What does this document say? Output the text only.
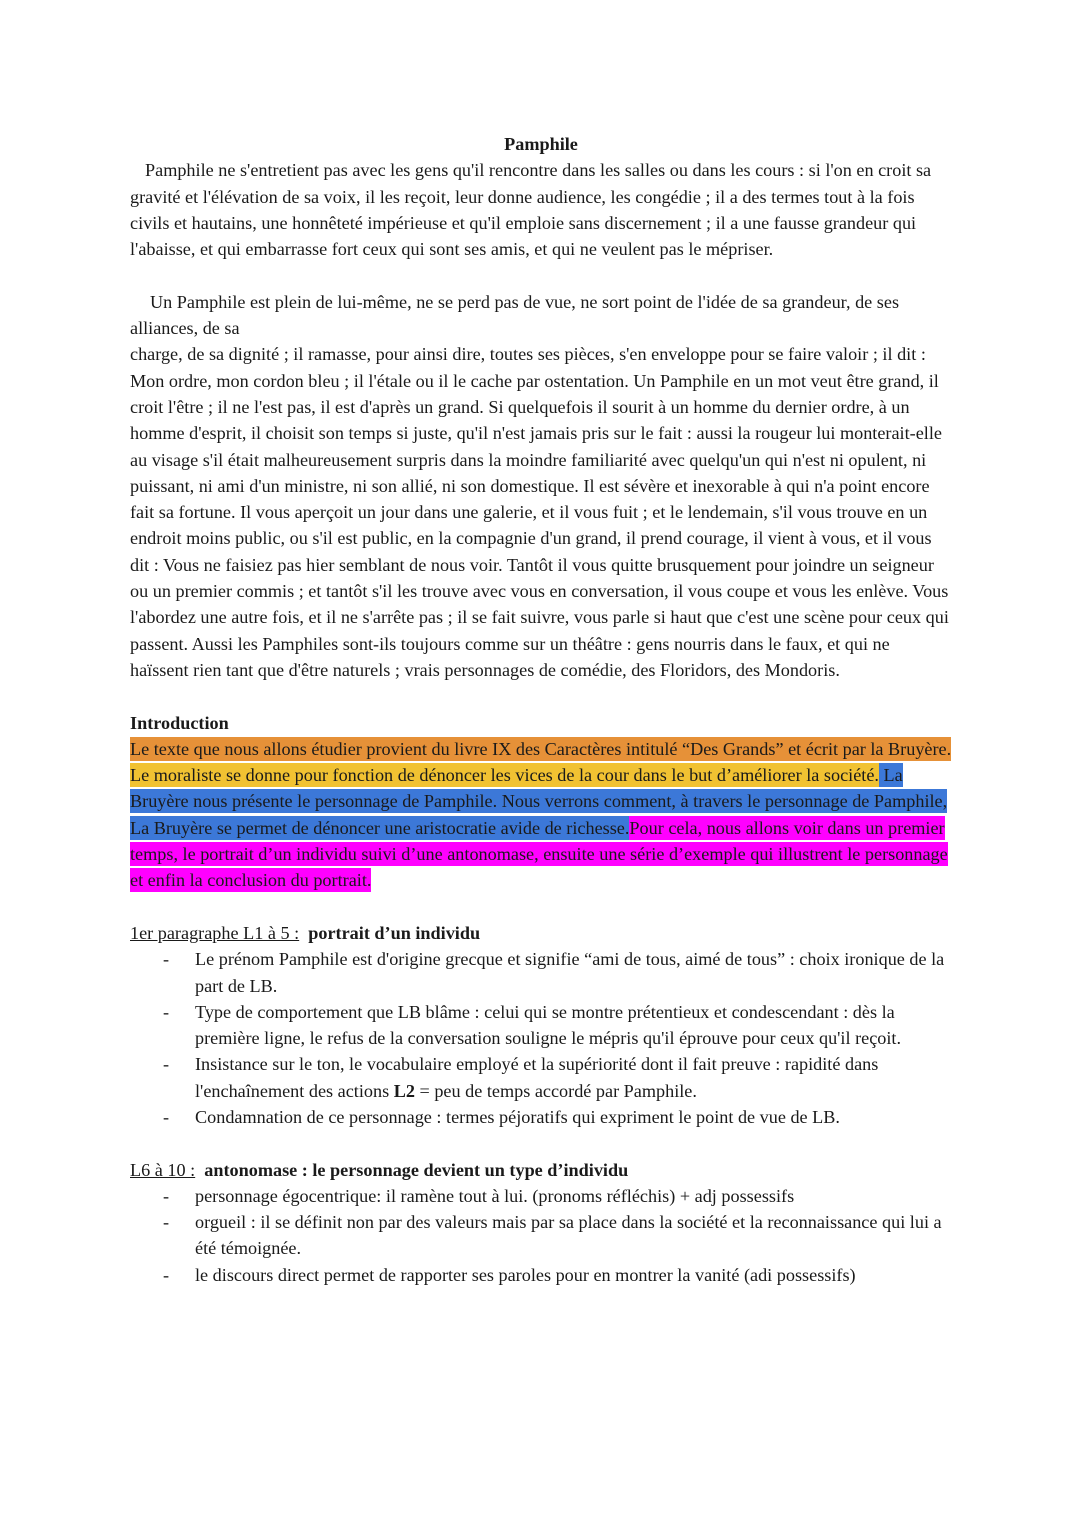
Pamphile

Pamphile ne s'entretient pas avec les gens qu'il rencontre dans les salles ou dans les cours : si l'on en croit sa gravité et l'élévation de sa voix, il les reçoit, leur donne audience, les congédie ; il a des termes tout à la fois civils et hautains, une honnêteté impérieuse et qu'il emploie sans discernement ; il a une fausse grandeur qui l'abaisse, et qui embarrasse fort ceux qui sont ses amis, et qui ne veulent pas le mépriser.

Un Pamphile est plein de lui-même, ne se perd pas de vue, ne sort point de l'idée de sa grandeur, de ses alliances, de sa

charge, de sa dignité ; il ramasse, pour ainsi dire, toutes ses pièces, s'en enveloppe pour se faire valoir ; il dit : Mon ordre, mon cordon bleu ; il l'étale ou il le cache par ostentation. Un Pamphile en un mot veut être grand, il croit l'être ; il ne l'est pas, il est d'après un grand. Si quelquefois il sourit à un homme du dernier ordre, à un homme d'esprit, il choisit son temps si juste, qu'il n'est jamais pris sur le fait : aussi la rougeur lui monterait-elle au visage s'il était malheureusement surpris dans la moindre familiarité avec quelqu'un qui n'est ni opulent, ni puissant, ni ami d'un ministre, ni son allié, ni son domestique. Il est sévère et inexorable à qui n'a point encore fait sa fortune. Il vous aperçoit un jour dans une galerie, et il vous fuit ; et le lendemain, s'il vous trouve en un endroit moins public, ou s'il est public, en la compagnie d'un grand, il prend courage, il vient à vous, et il vous dit : Vous ne faisiez pas hier semblant de nous voir. Tantôt il vous quitte brusquement pour joindre un seigneur ou un premier commis ; et tantôt s'il les trouve avec vous en conversation, il vous coupe et vous les enlève. Vous l'abordez une autre fois, et il ne s'arrête pas ; il se fait suivre, vous parle si haut que c'est une scène pour ceux qui passent. Aussi les Pamphiles sont-ils toujours comme sur un théâtre : gens nourris dans le faux, et qui ne haïssent rien tant que d'être naturels ; vrais personnages de comédie, des Floridors, des Mondoris.

Introduction

Le texte que nous allons étudier provient du livre IX des Caractères intitulé “Des Grands” et écrit par la Bruyère. Le moraliste se donne pour fonction de dénoncer les vices de la cour dans le but d’améliorer la société. La Bruyère nous présente le personnage de Pamphile. Nous verrons comment, à travers le personnage de Pamphile, La Bruyère se permet de dénoncer une aristocratie avide de richesse.Pour cela, nous allons voir dans un premier temps, le portrait d’un individu suivi d’une antonomase, ensuite une série d’exemple qui illustrent le personnage et enfin la conclusion du portrait.

1er paragraphe L1 à 5 : portrait d’un individu

- Le prénom Pamphile est d'origine grecque et signifie “ami de tous, aimé de tous” : choix ironique de la part de LB.
- Type de comportement que LB blâme : celui qui se montre prétentieux et condescendant : dès la première ligne, le refus de la conversation souligne le mépris qu'il éprouve pour ceux qu'il reçoit.
- Insistance sur le ton, le vocabulaire employé et la supériorité dont il fait preuve : rapidité dans l'enchaînement des actions L2 = peu de temps accordé par Pamphile.
- Condamnation de ce personnage : termes péjoratifs qui expriment le point de vue de LB.

L6 à 10 : antonomase : le personnage devient un type d’individu

- personnage égocentrique: il ramène tout à lui. (pronoms réfléchis) + adj possessifs
- orgueil : il se définit non par des valeurs mais par sa place dans la société et la reconnaissance qui lui a été témoignée.
- le discours direct permet de rapporter ses paroles pour en montrer la vanité (adi possessifs)
